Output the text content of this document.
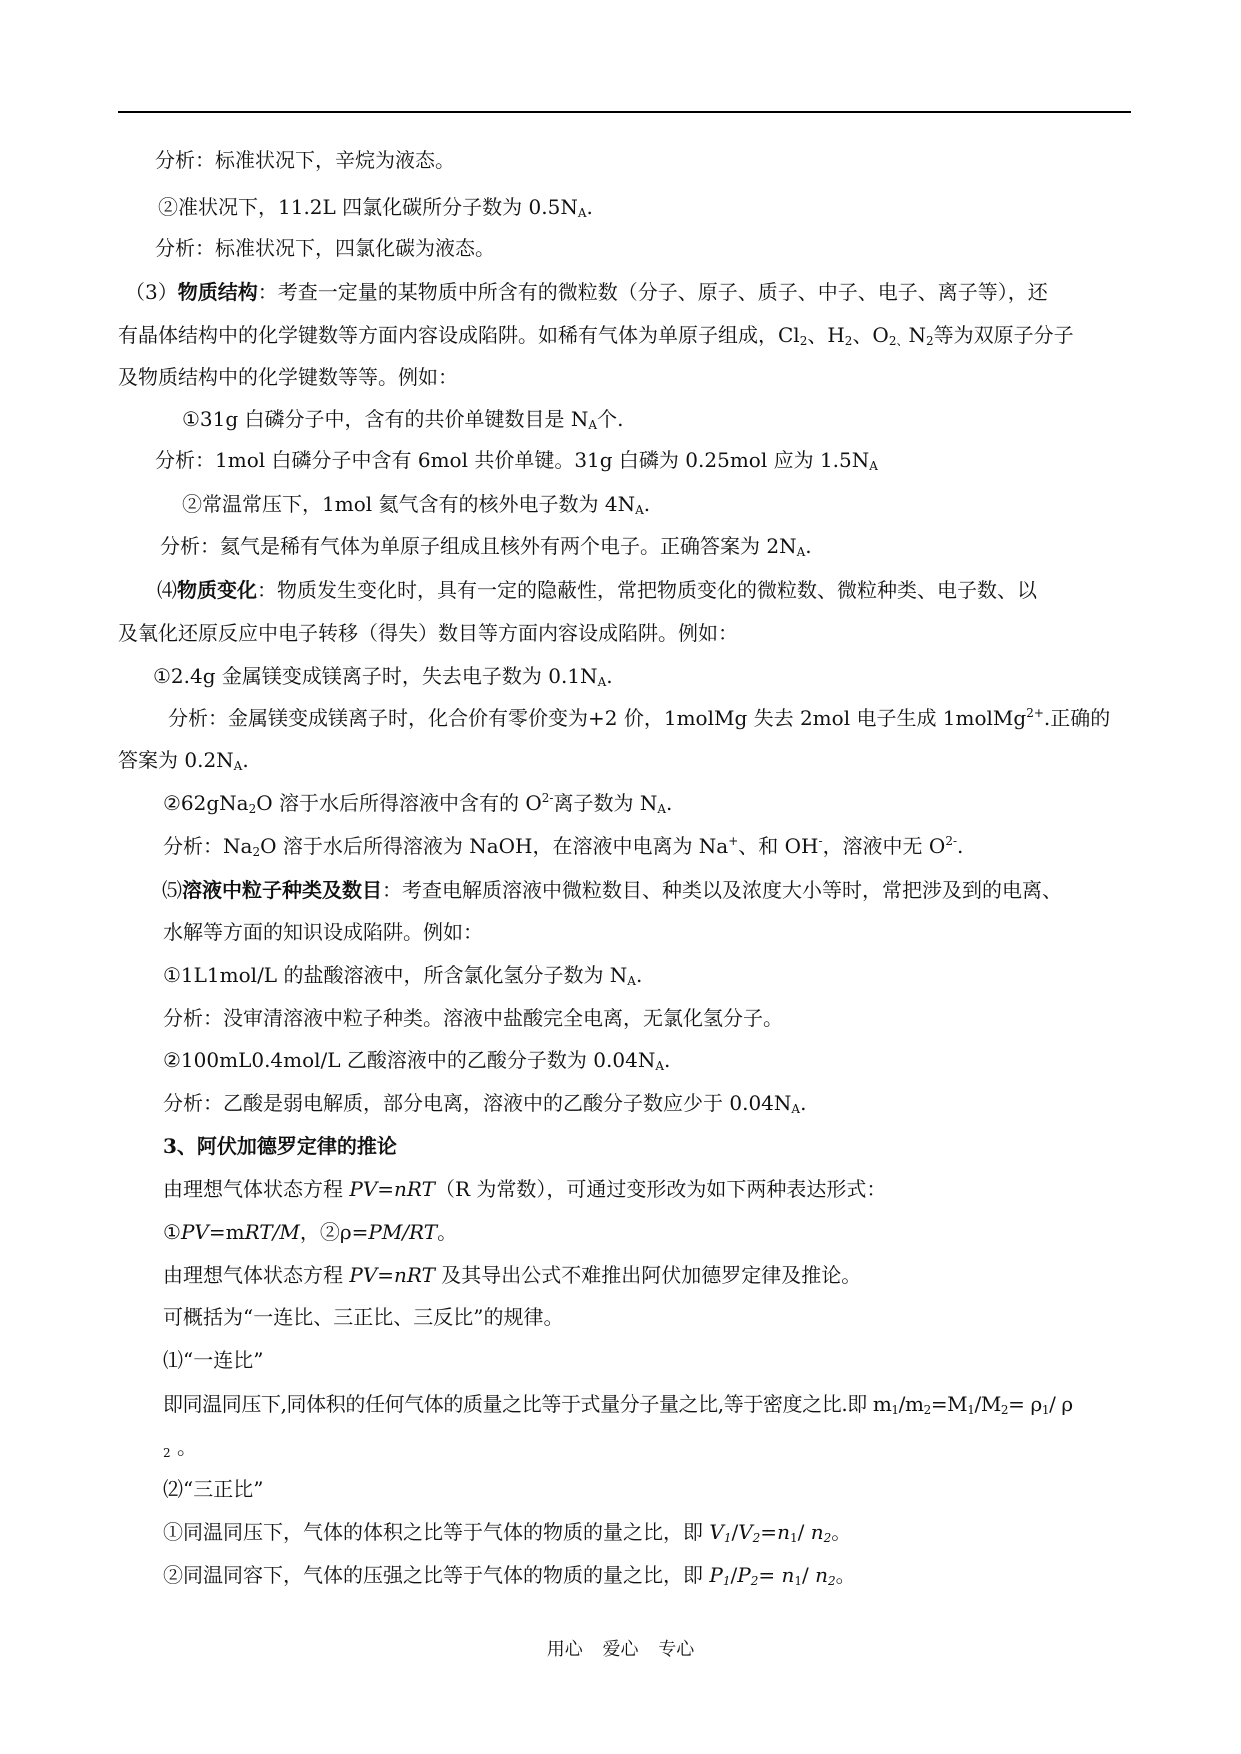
分析：标准状况下，辛烷为液态。
②准状况下，11.2L 四氯化碳所分子数为 $0.5N_A$.
分析：标准状况下，四氯化碳为液态。
（3）物质结构：考查一定量的某物质中所含有的微粒数（分子、原子、质子、中子、电子、离子等），还
有晶体结构中的化学键数等方面内容设成陷阱。如稀有气体为单原子组成，$Cl_2$、$H_2$、$O_{2、}N_2$等为双原子分子
及物质结构中的化学键数等等。例如：
①31g 白磷分子中，含有的共价单键数目是 $N_A$个.
分析：1mol 白磷分子中含有 6mol 共价单键。31g 白磷为 0.25mol 应为 $1.5N_A$
②常温常压下，1mol 氦气含有的核外电子数为 $4N_A$.
分析：氦气是稀有气体为单原子组成且核外有两个电子。正确答案为 $2N_A$.
⑷物质变化：物质发生变化时，具有一定的隐蔽性，常把物质变化的微粒数、微粒种类、电子数、以
及氧化还原反应中电子转移（得失）数目等方面内容设成陷阱。例如：
①2.4g 金属镁变成镁离子时，失去电子数为 $0.1N_A$.
分析：金属镁变成镁离子时，化合价有零价变为+2 价，1molMg 失去 2mol 电子生成 1molMg$^{2+}$.正确的
答案为 $0.2N_A$.
②62gNa$_2$O 溶于水后所得溶液中含有的 $O^{2-}$离子数为 $N_A$.
分析：$Na_2O$ 溶于水后所得溶液为 NaOH，在溶液中电离为 Na+、和 OH-，溶液中无 $O^{2-}$.
⑸溶液中粒子种类及数目：考查电解质溶液中微粒数目、种类以及浓度大小等时，常把涉及到的电离、
水解等方面的知识设成陷阱。例如：
①1L1mol/L 的盐酸溶液中，所含氯化氢分子数为 $N_A$.
分析：没审清溶液中粒子种类。溶液中盐酸完全电离，无氯化氢分子。
②100mL0.4mol/L 乙酸溶液中的乙酸分子数为 $0.04N_A$.
分析：乙酸是弱电解质，部分电离，溶液中的乙酸分子数应少于 $0.04N_A$.
3、阿伏加德罗定律的推论
由理想气体状态方程 PV=nRT（R 为常数），可通过变形改为如下两种表达形式：
①PV=mRT/M，②ρ=PM/RT。
由理想气体状态方程 PV=nRT 及其导出公式不难推出阿伏加德罗定律及推论。
可概括为“一连比、三正比、三反比”的规律。
⑴“一连比”
即同温同压下,同体积的任何气体的质量之比等于式量分子量之比,等于密度之比.即 $m_1/m_2=M_1/M_2= \rho_1/$ ρ
$_2$ 。
⑵“三正比”
①同温同压下，气体的体积之比等于气体的物质的量之比，即 $V_1/V_2=n_1/$ $n_2$。
②同温同容下，气体的压强之比等于气体的物质的量之比，即 $P_1/P_2= n_1/$ $n_2$。
用心 爱心 专心
